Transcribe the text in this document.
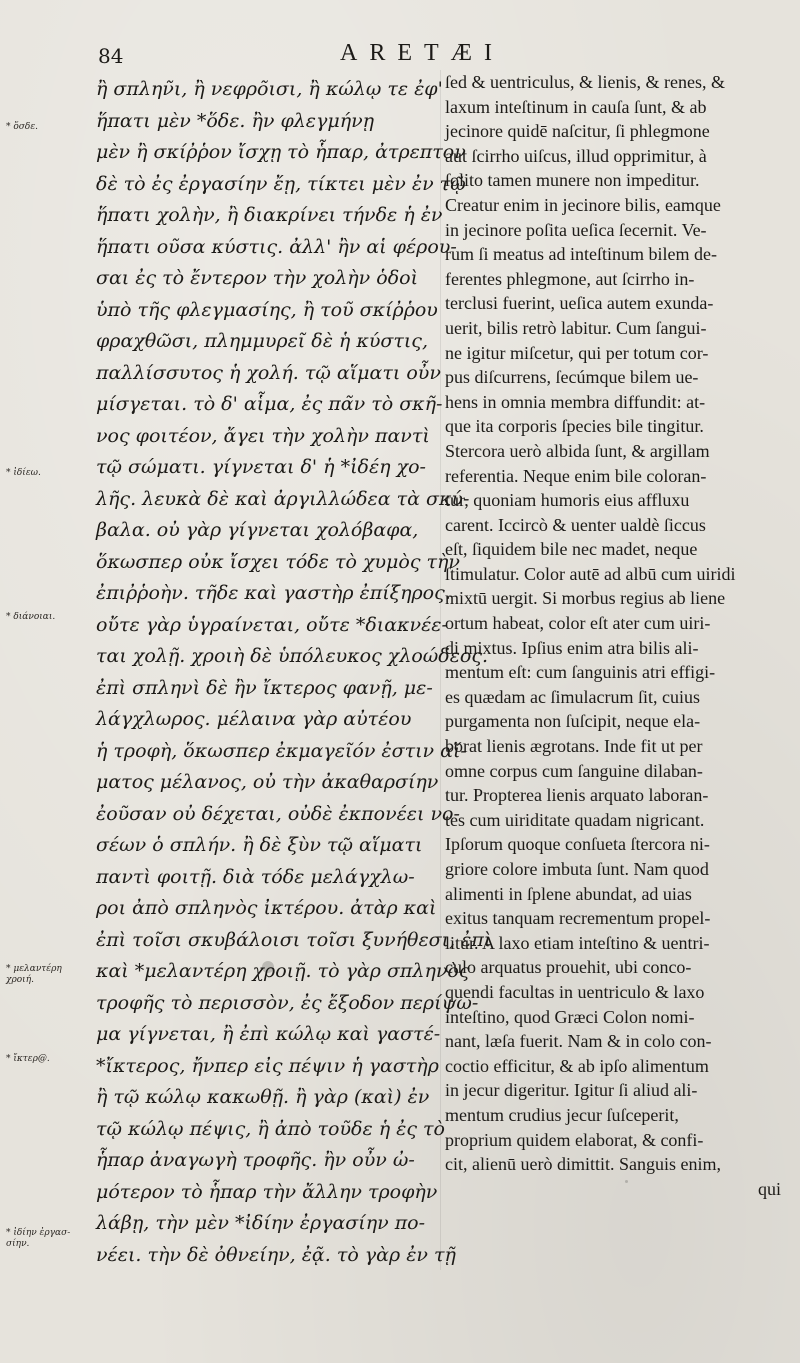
84	ARETÆI
* ὅσδε.
* ἰδίεω.
* διάνοιαι.
* μελαντέρη χροιή.
* ἴκτερ@.
* ἰδίην ἐργασ-σίην.
ἢ σπλην̃ι, ἢ νεφρο̃ισι, ἢ κώλῳ τε ἐφ'
ἥπατι μὲν *ὅδε. ἢν φλεγμήνῃ
μὲν ἢ σκίῤῥον ἴσχῃ τὸ ἧπαρ, ἀτρεπτον
δὲ τὸ ἐς ἐργασίην ἔῃ, τίκτει μὲν ἐν τῷ
ἥπατι χολὴν, ἢ διακρίνει τήνδε ἡ ἐν
ἥπατι ου̃σα κύστις. ἀλλ' ἢν αἱ φέρου-
σαι ἐς τὸ ἔντερον τὴν χολὴν ὁδοὶ
ὑπὸ τῆς φλεγμασίης, ἢ του̃ σκίῤῥου
φραχθῶσι, πλημμυρεῖ δὲ ἡ κύστις,
παλλίσσυτος ἡ χολή. τῷ αἵματι οὖν
μίσγεται. τὸ δ' αἷμα, ἐς πα̃ν τὸ σκῆ-
νος φοιτέον, ἄγει τὴν χολὴν παντὶ
τῷ σώματι. γίγνεται δ' ἡ *ἰδέη χο-
λῆς. λευκὰ δὲ καὶ ἀργιλλώδεα τὰ σκύ-
βαλα. οὐ γὰρ γίγνεται χολόβαφα,
ὅκωσπερ οὐκ ἴσχει τόδε τὸ χυμὸς τὴν
ἐπιῤῥοὴν. τῆδε καὶ γαστὴρ ἐπίξηρος.
οὔτε γὰρ ὑγραίνεται, οὔτε *διακνέε-
ται χολῇ. χροιὴ δὲ ὑπόλευκος χλοώδεος.
ἐπὶ σπληνὶ δὲ ἢν ἴκτερος φανῇ, με-
λάγχλωρος. μέλαινα γὰρ αὐτέου
ἡ τροφὴ, ὅκωσπερ ἐκμαγεῖόν ἐστιν αἵ-
ματος μέλανος, οὐ τὴν ἀκαθαρσίην
ἐοῦσαν οὐ δέχεται, οὐδὲ ἐκπονέει νο-
σέων ὁ σπλήν. ἢ δὲ ξὺν τῷ αἵματι
παντὶ φοιτῇ. διὰ τόδε μελάγχλω-
ροι ἀπὸ σπληνὸς ἰκτέρου. ἀτὰρ καὶ
ἐπὶ τοῖσι σκυβάλοισι τοῖσι ξυνήθεσι, ἐπὶ
καὶ *μελαντέρη χροιῇ. τὸ γὰρ σπληνὸς
τροφῆς τὸ περισσὸν, ἐς ἔξοδον περίψω-
μα γίγνεται, ἢ ἐπὶ κώλῳ καὶ γαστέ-
*ἴκτερος, ἤνπερ εἰς πέψιν ἡ γαστὴρ
ἢ τῷ κώλῳ κακωθῇ. ἢ γὰρ (καὶ) ἐν
τῷ κώλῳ πέψις, ἢ ἀπὸ του̃δε ἡ ἐς τὸ
ἧπαρ ἀναγωγὴ τροφῆς. ἢν οὖν ὠ-
μότερον τὸ ἧπαρ τὴν ἄλλην τροφὴν
λάβῃ, τὴν μὲν *ἰδίην ἐργασίην πο-
νέει. τὴν δὲ ὀθνείην, ἐᾷ. τὸ γὰρ ἐν τῇ
ſed & uentriculus, & lienis, & renes, &
laxum inteſtinum in cauſa ſunt, & ab
jecinore quidē naſcitur, ſi phlegmone
aut ſcirrho uiſcus, illud opprimitur, à
ſolito tamen munere non impeditur.
Creatur enim in jecinore bilis, eamque
in jecinore poſita ueſica ſecernit. Ve-
rum ſi meatus ad inteſtinum bilem de-
ferentes phlegmone, aut ſcirrho in-
terclusi fuerint, ueſica autem exunda-
uerit, bilis retrò labitur. Cum ſangui-
ne igitur miſcetur, qui per totum cor-
pus diſcurrens, ſecúmque bilem ue-
hens in omnia membra diffundit: at-
que ita corporis ſpecies bile tingitur.
Stercora uerò albida ſunt, & argillam
referentia. Neque enim bile coloran-
tur, quoniam humoris eius affluxu
carent. Iccircò & uenter ualdè ſiccus
eſt, ſiquidem bile nec madet, neque
ſtimulatur. Color autē ad albū cum uiridi
mixtū uergit. Si morbus regius ab liene
ortum habeat, color eſt ater cum uiri-
di mixtus. Ipſius enim atra bilis ali-
mentum eſt: cum ſanguinis atri effigi-
es quædam ac ſimulacrum ſit, cuius
purgamenta non ſuſcipit, neque ela-
borat lienis ægrotans. Inde fit ut per
omne corpus cum ſanguine dilaban-
tur. Propterea lienis arquato laboran-
tes cum uiriditate quadam nigricant.
Ipſorum quoque conſueta ſtercora ni-
griore colore imbuta ſunt. Nam quod
alimenti in ſplene abundat, ad uias
exitus tanquam recrementum propel-
litur. A laxo etiam inteſtino & uentri-
culo arquatus prouehit, ubi conco-
quendi facultas in uentriculo & laxo
inteſtino, quod Græci Colon nomi-
nant, læſa fuerit. Nam & in colo con-
coctio efficitur, & ab ipſo alimentum
in jecur digeritur. Igitur ſi aliud ali-
mentum crudius jecur ſuſceperit,
proprium quidem elaborat, & confi-
cit, alienū uerò dimittit. Sanguis enim,
qui
